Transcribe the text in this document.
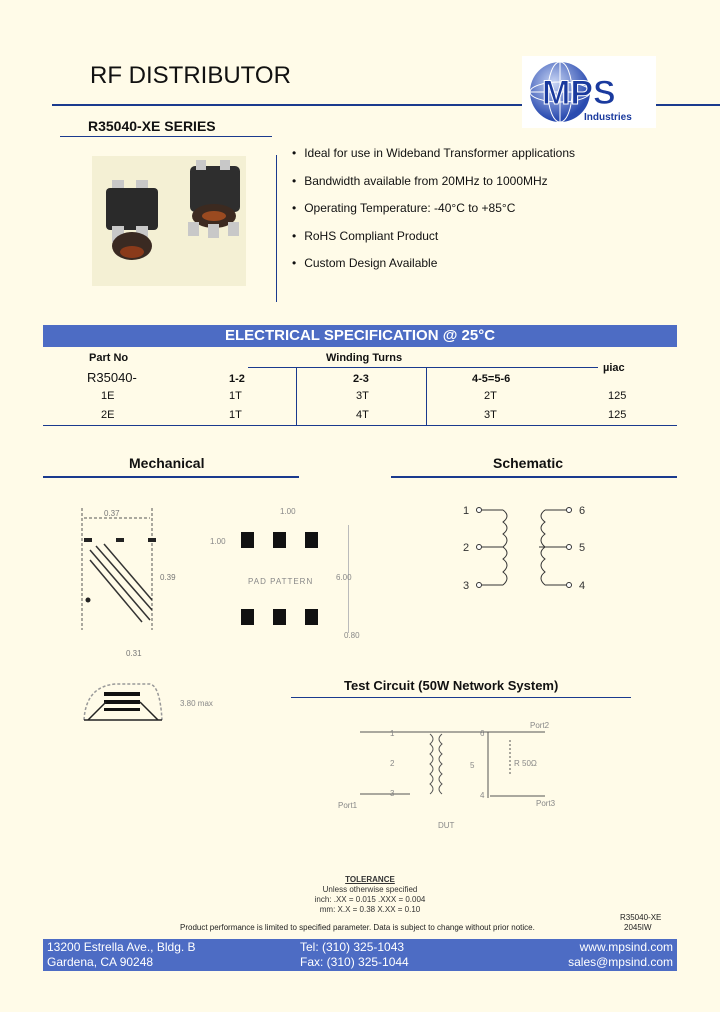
RF DISTRIBUTOR	MPS
Industries
R35040-XE SERIES
• Ideal for use in Wideband Transformer applications
• Bandwidth available from 20MHz to 1000MHz
• Operating Temperature: -40°C to +85°C
• RoHS Compliant Product
• Custom Design Available
ELECTRICAL SPECIFICATION @ 25°C
Part No	Winding Turns
µiac
R35040-	1-2	2-3	4-5=5-6
1E	1T	3T	2T	125
2E	1T	4T	3T	125
Mechanical	Schematic
0.37
0.39
0.31
1.00
1.00
PAD PATTERN	6.00
0.80
3.80 max
1
2
3
6
5
4
Test Circuit (50W Network System)
Port2
Port1	Port3
R 50Ω
DUT
1
2
3	4
5
6
TOLERANCE
Unless otherwise specified
inch: .XX = 0.015 .XXX = 0.004
mm: X.X = 0.38 X.XX = 0.10
Product performance is limited to specified parameter. Data is subject to change without prior notice.
R35040-XE
2045IW
13200 Estrella Ave., Bldg. B
Gardena, CA 90248
Tel: (310) 325-1043
Fax: (310) 325-1044
www.mpsind.com
sales@mpsind.com
